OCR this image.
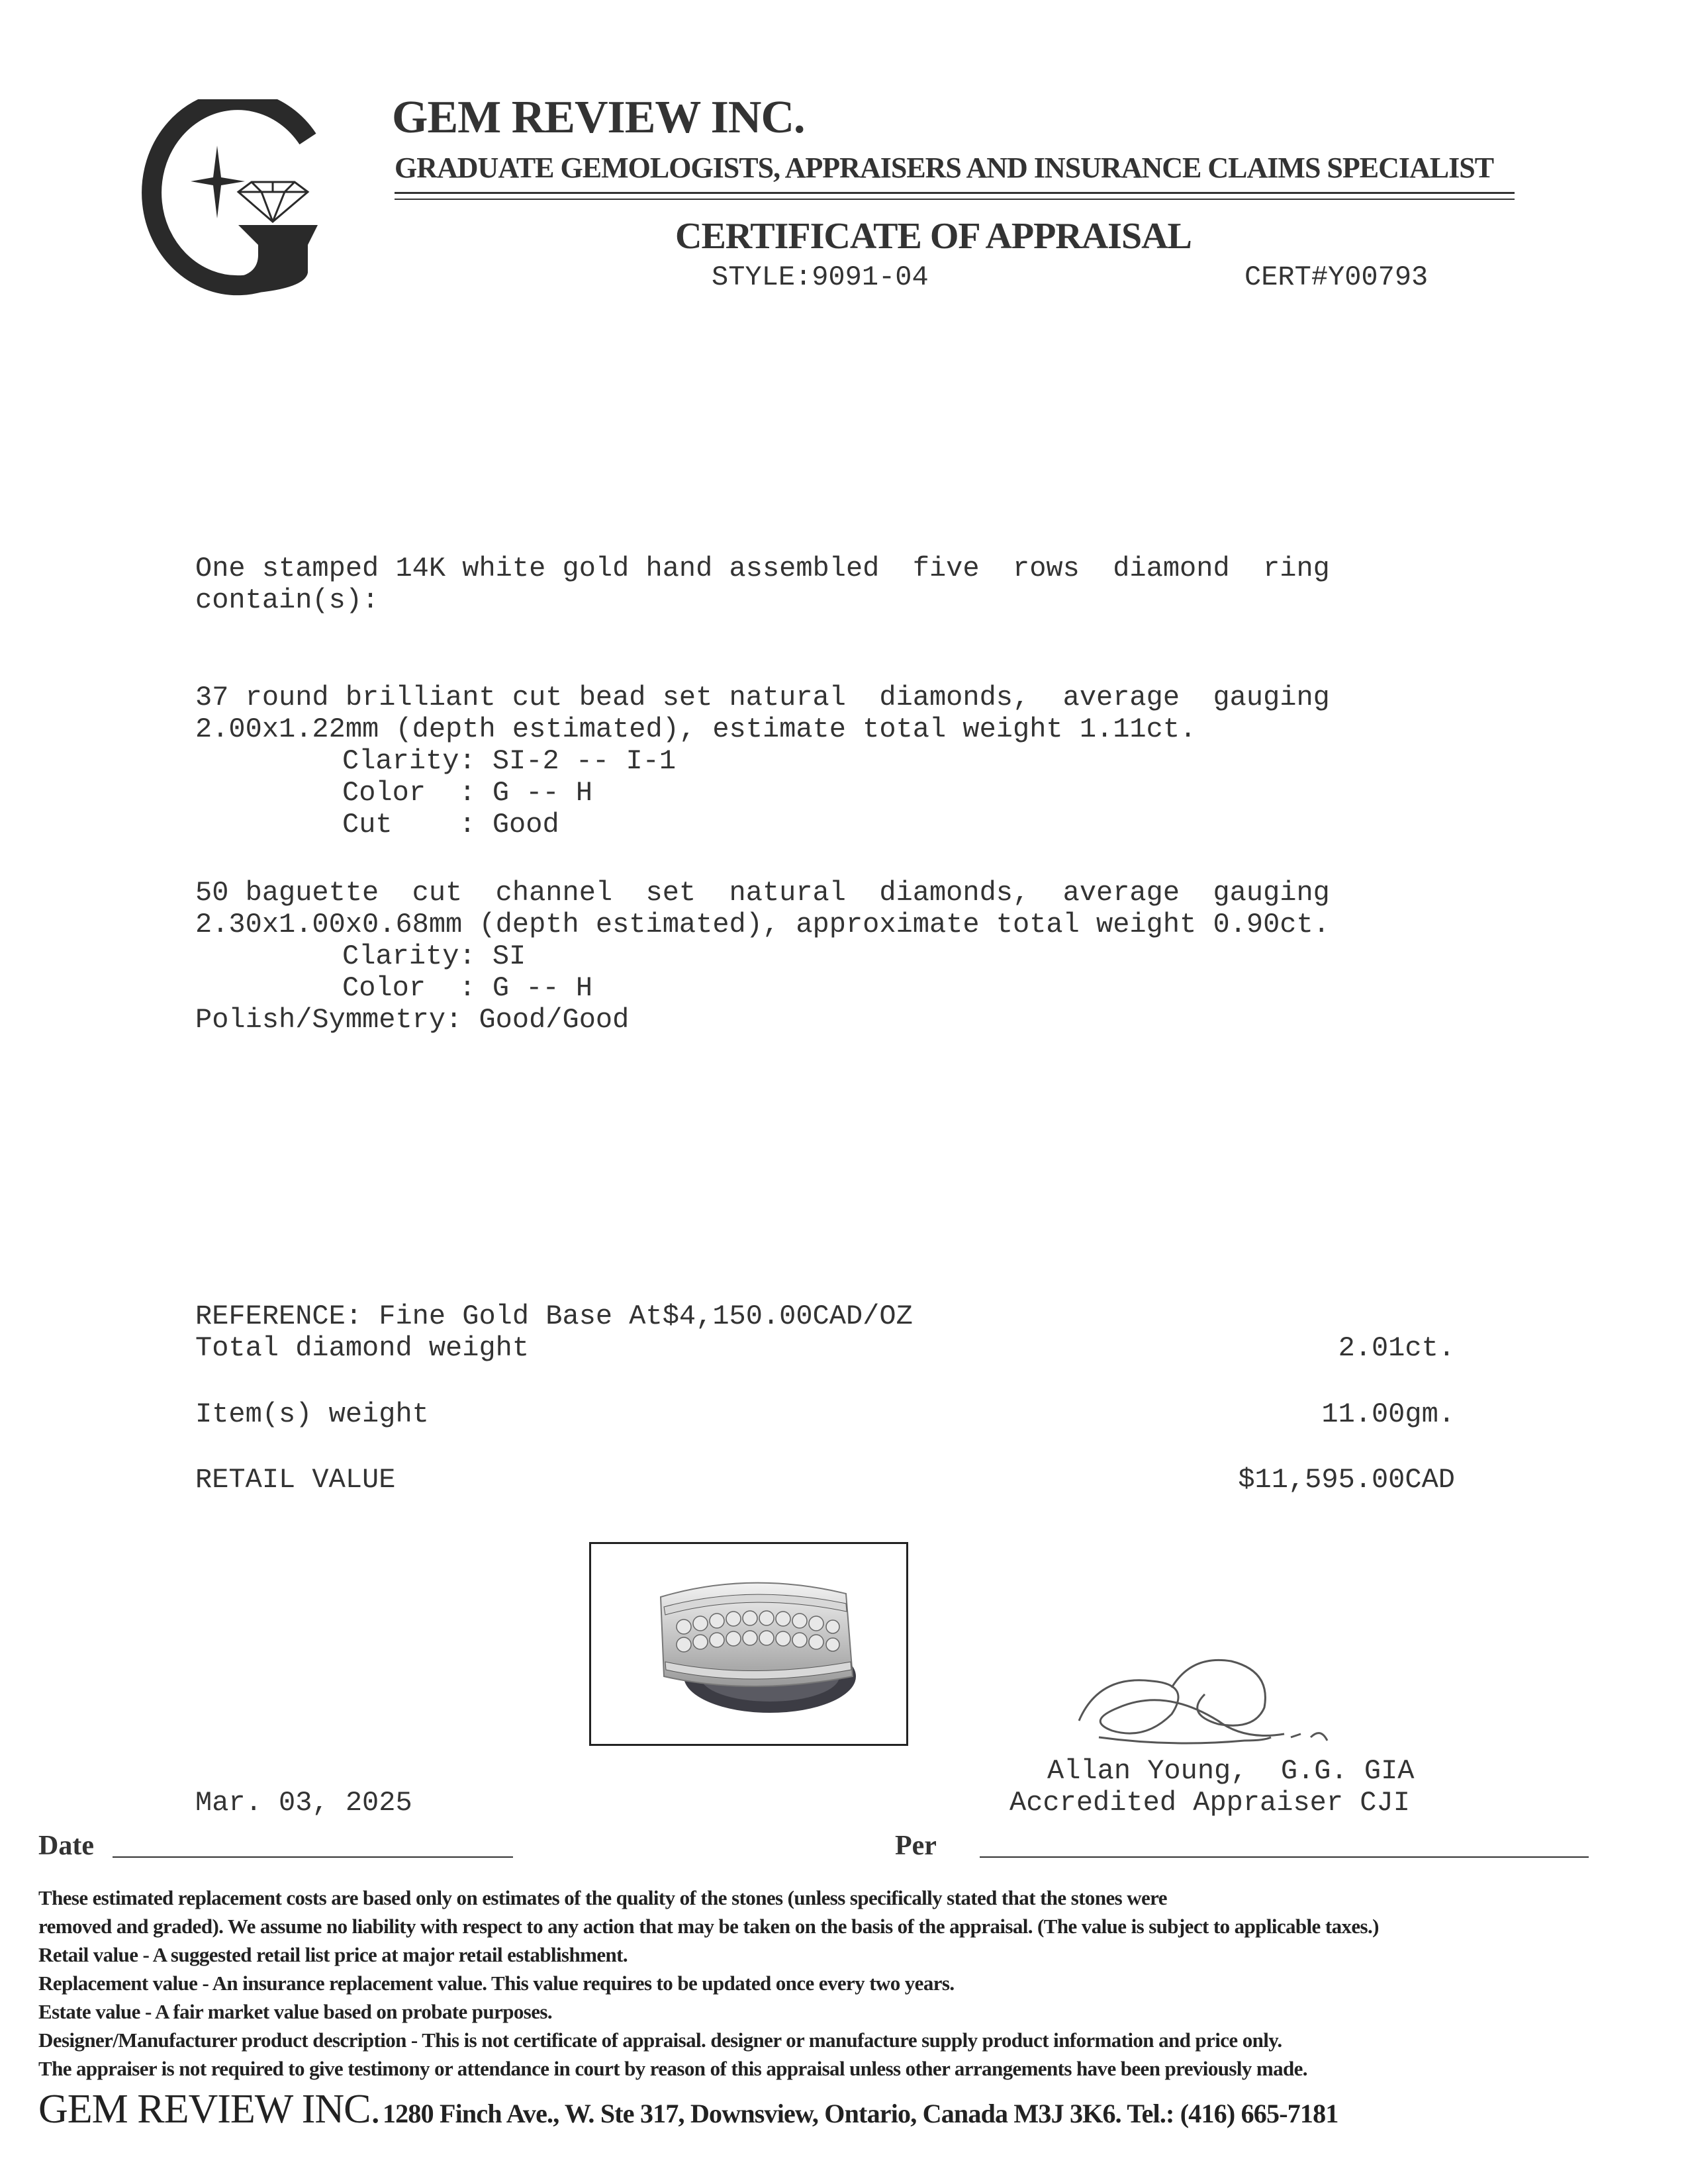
GEM REVIEW INC.
GRADUATE GEMOLOGISTS, APPRAISERS AND INSURANCE CLAIMS SPECIALIST
CERTIFICATE OF APPRAISAL
STYLE:9091-04	CERT#Y00793
One stamped 14K white gold hand assembled  five  rows  diamond  ring
contain(s):
37 round brilliant cut bead set natural  diamonds,  average  gauging
2.00x1.22mm (depth estimated), estimate total weight 1.11ct.
Clarity: SI-2 -- I-1
Color  : G -- H
Cut    : Good
50 baguette  cut  channel  set  natural  diamonds,  average  gauging
2.30x1.00x0.68mm (depth estimated), approximate total weight 0.90ct.
Clarity: SI
Color  : G -- H
Polish/Symmetry: Good/Good
REFERENCE: Fine Gold Base At$4,150.00CAD/OZ
Total diamond weight	2.01ct.
Item(s) weight	11.00gm.
RETAIL VALUE	$11,595.00CAD
Allan Young,  G.G. GIA
Accredited Appraiser CJI
Mar. 03, 2025
Date	Per
These estimated replacement costs are based only on estimates of the quality of the stones (unless specifically stated that the stones were
removed and graded). We assume no liability with respect to any action that may be taken on the basis of the appraisal. (The value is subject to applicable taxes.)
Retail value - A suggested retail list price at major retail establishment.
Replacement value - An insurance replacement value. This value requires to be updated once every two years.
Estate value - A fair market value based on probate purposes.
Designer/Manufacturer product description - This is not certificate of appraisal. designer or manufacture supply product information and price only.
The appraiser is not required to give testimony or attendance in court by reason of this appraisal unless other arrangements have been previously made.
GEM REVIEW INC. 1280 Finch Ave., W. Ste 317, Downsview, Ontario, Canada M3J 3K6. Tel.: (416) 665-7181
